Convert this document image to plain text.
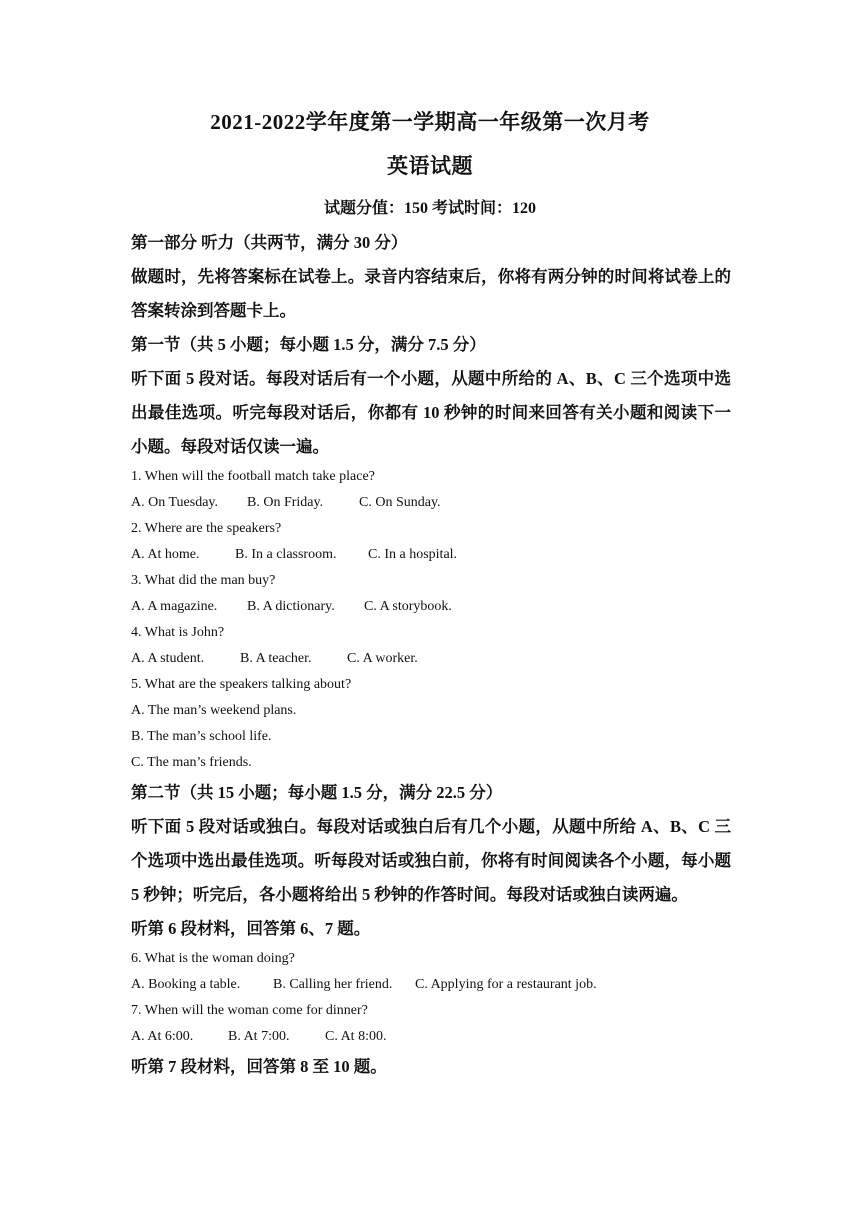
2021-2022学年度第一学期高一年级第一次月考
英语试题
试题分值：150 考试时间：120

第一部分 听力（共两节，满分 30 分）

做题时，先将答案标在试卷上。录音内容结束后，你将有两分钟的时间将试卷上的答案转涂到答题卡上。

第一节（共 5 小题；每小题 1.5 分，满分 7.5 分）

听下面 5 段对话。每段对话后有一个小题，从题中所给的 A、B、C 三个选项中选出最佳选项。听完每段对话后，你都有 10 秒钟的时间来回答有关小题和阅读下一小题。每段对话仅读一遍。

1. When will the football match take place?

A. On Tuesday.	B. On Friday.	C. On Sunday.

2. Where are the speakers?

A. At home.	B. In a classroom.	C. In a hospital.

3. What did the man buy?

A. A magazine.	B. A dictionary.	C. A storybook.

4. What is John?

A. A student.	B. A teacher.	C. A worker.

5. What are the speakers talking about?

A. The man’s weekend plans.

B. The man’s school life.

C. The man’s friends.

第二节（共 15 小题；每小题 1.5 分，满分 22.5 分）

听下面 5 段对话或独白。每段对话或独白后有几个小题，从题中所给 A、B、C 三个选项中选出最佳选项。听每段对话或独白前，你将有时间阅读各个小题，每小题 5 秒钟；听完后，各小题将给出 5 秒钟的作答时间。每段对话或独白读两遍。

听第 6 段材料，回答第 6、7 题。

6. What is the woman doing?

A. Booking a table.	B. Calling her friend.	C. Applying for a restaurant job.

7. When will the woman come for dinner?

A. At 6:00.	B. At 7:00.	C. At 8:00.

听第 7 段材料，回答第 8 至 10 题。
